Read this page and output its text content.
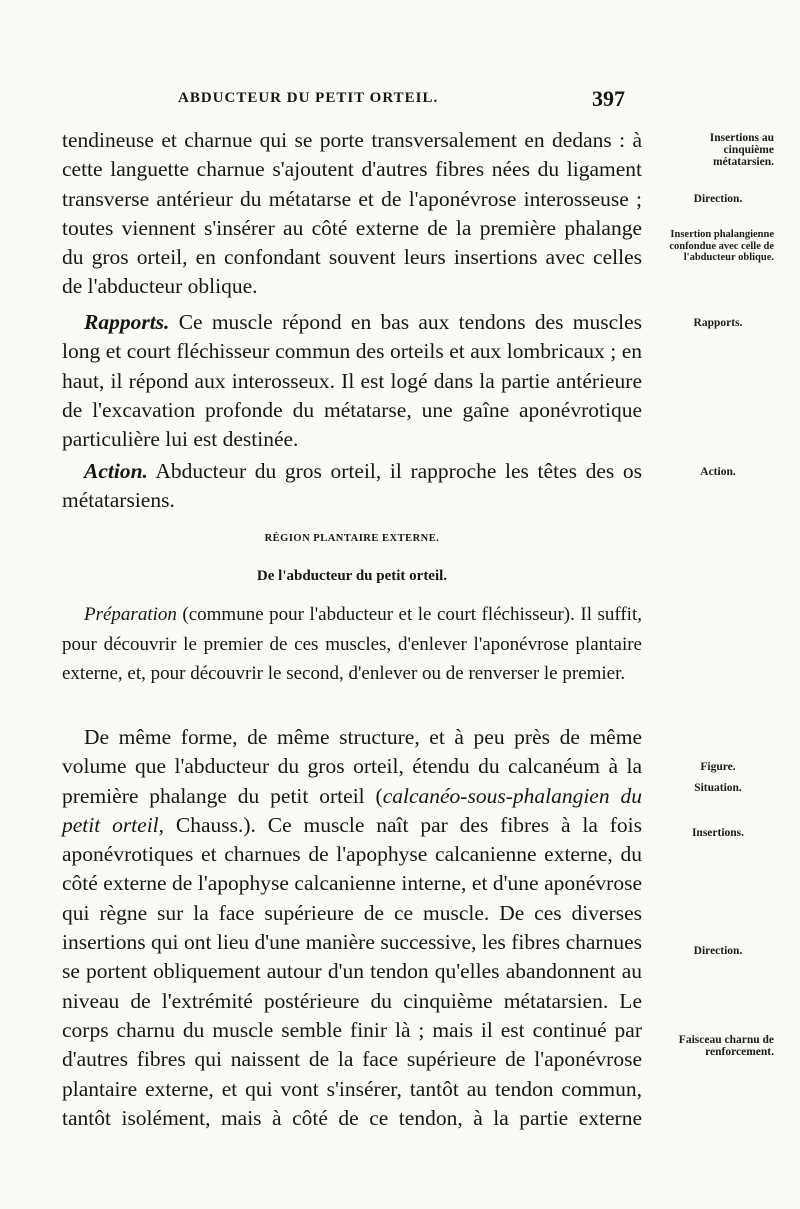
ABDUCTEUR DU PETIT ORTEIL.	397
tendineuse et charnue qui se porte transversalement en dedans : à cette languette charnue s'ajoutent d'autres fibres nées du ligament transverse antérieur du métatarse et de l'aponévrose interosseuse ; toutes viennent s'insérer au côté externe de la première phalange du gros orteil, en confondant souvent leurs insertions avec celles de l'abducteur oblique.
Rapports. Ce muscle répond en bas aux tendons des muscles long et court fléchisseur commun des orteils et aux lombricaux ; en haut, il répond aux interosseux. Il est logé dans la partie antérieure de l'excavation profonde du métatarse, une gaîne aponévrotique particulière lui est destinée.
Action. Abducteur du gros orteil, il rapproche les têtes des os métatarsiens.
RÉGION PLANTAIRE EXTERNE.
De l'abducteur du petit orteil.
Préparation (commune pour l'abducteur et le court fléchisseur). Il suffit, pour découvrir le premier de ces muscles, d'enlever l'aponévrose plantaire externe, et, pour découvrir le second, d'enlever ou de renverser le premier.
De même forme, de même structure, et à peu près de même volume que l'abducteur du gros orteil, étendu du calcanéum à la première phalange du petit orteil (calcanéo-sous-phalangien du petit orteil, Chauss.). Ce muscle naît par des fibres à la fois aponévrotiques et charnues de l'apophyse calcanienne externe, du côté externe de l'apophyse calcanienne interne, et d'une aponévrose qui règne sur la face supérieure de ce muscle. De ces diverses insertions qui ont lieu d'une manière successive, les fibres charnues se portent obliquement autour d'un tendon qu'elles abandonnent au niveau de l'extrémité postérieure du cinquième métatarsien. Le corps charnu du muscle semble finir là ; mais il est continué par d'autres fibres qui naissent de la face supérieure de l'aponévrose plantaire externe, et qui vont s'insérer, tantôt au tendon commun, tantôt isolément, mais à côté de ce tendon, à la partie externe
Insertions au cinquième métatarsien.
Direction.
Insertion phalangienne confondue avec celle de l'abducteur oblique.
Rapports.
Action.
Figure.
Situation.
Insertions.
Direction.
Faisceau charnu de renforcement.
